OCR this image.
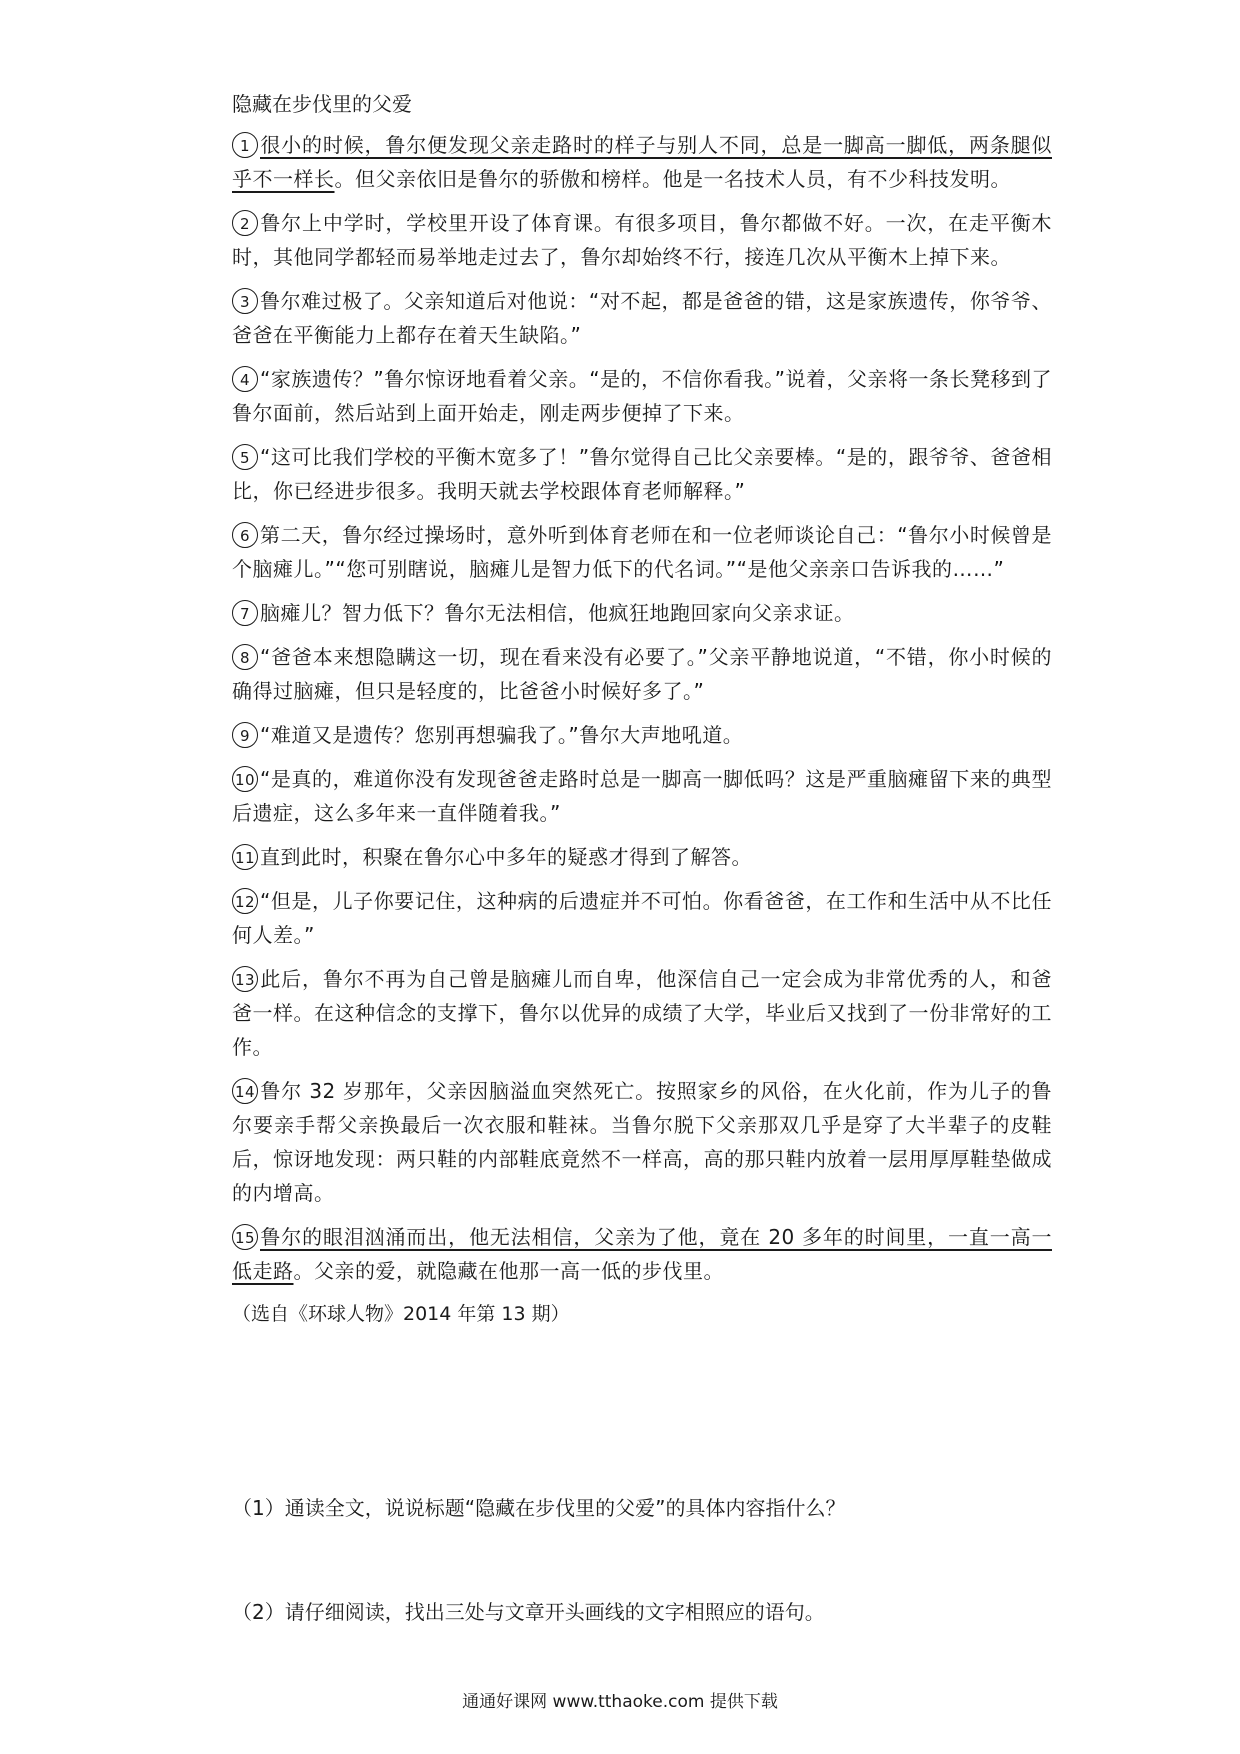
隐藏在步伐里的父爱
1 很小的时候，鲁尔便发现父亲走路时的样子与别人不同，总是一脚高一脚低，两条腿似乎不一样长。但父亲依旧是鲁尔的骄傲和榜样。他是一名技术人员，有不少科技发明。
2 鲁尔上中学时，学校里开设了体育课。有很多项目，鲁尔都做不好。一次，在走平衡木时，其他同学都轻而易举地走过去了，鲁尔却始终不行，接连几次从平衡木上掉下来。
3 鲁尔难过极了。父亲知道后对他说：“对不起，都是爸爸的错，这是家族遗传，你爷爷、爸爸在平衡能力上都存在着天生缺陷。”
4 “家族遗传？”鲁尔惊讶地看着父亲。“是的，不信你看我。”说着，父亲将一条长凳移到了鲁尔面前，然后站到上面开始走，刚走两步便掉了下来。
5 “这可比我们学校的平衡木宽多了！”鲁尔觉得自己比父亲要棒。“是的，跟爷爷、爸爸相比，你已经进步很多。我明天就去学校跟体育老师解释。”
6 第二天，鲁尔经过操场时，意外听到体育老师在和一位老师谈论自己：“鲁尔小时候曾是个脑瘫儿。”“您可别瞎说，脑瘫儿是智力低下的代名词。”“是他父亲亲口告诉我的……”
7 脑瘫儿？智力低下？鲁尔无法相信，他疯狂地跑回家向父亲求证。
8 “爸爸本来想隐瞒这一切，现在看来没有必要了。”父亲平静地说道，“不错，你小时候的确得过脑瘫，但只是轻度的，比爸爸小时候好多了。”
9 “难道又是遗传？您别再想骗我了。”鲁尔大声地吼道。
10 “是真的，难道你没有发现爸爸走路时总是一脚高一脚低吗？这是严重脑瘫留下来的典型后遗症，这么多年来一直伴随着我。”
11 直到此时，积聚在鲁尔心中多年的疑惑才得到了解答。
12 “但是，儿子你要记住，这种病的后遗症并不可怕。你看爸爸，在工作和生活中从不比任何人差。”
13 此后，鲁尔不再为自己曾是脑瘫儿而自卑，他深信自己一定会成为非常优秀的人，和爸爸一样。在这种信念的支撑下，鲁尔以优异的成绩了大学，毕业后又找到了一份非常好的工作。
14 鲁尔 32 岁那年，父亲因脑溢血突然死亡。按照家乡的风俗，在火化前，作为儿子的鲁尔要亲手帮父亲换最后一次衣服和鞋袜。当鲁尔脱下父亲那双几乎是穿了大半辈子的皮鞋后，惊讶地发现：两只鞋的内部鞋底竟然不一样高，高的那只鞋内放着一层用厚厚鞋垫做成的内增高。
15 鲁尔的眼泪汹涌而出，他无法相信，父亲为了他，竟在 20 多年的时间里，一直一高一低走路。父亲的爱，就隐藏在他那一高一低的步伐里。
（选自《环球人物》2014 年第 13 期）
（1）通读全文，说说标题“隐藏在步伐里的父爱”的具体内容指什么？
（2）请仔细阅读，找出三处与文章开头画线的文字相照应的语句。
通通好课网 www.tthaoke.com 提供下载
